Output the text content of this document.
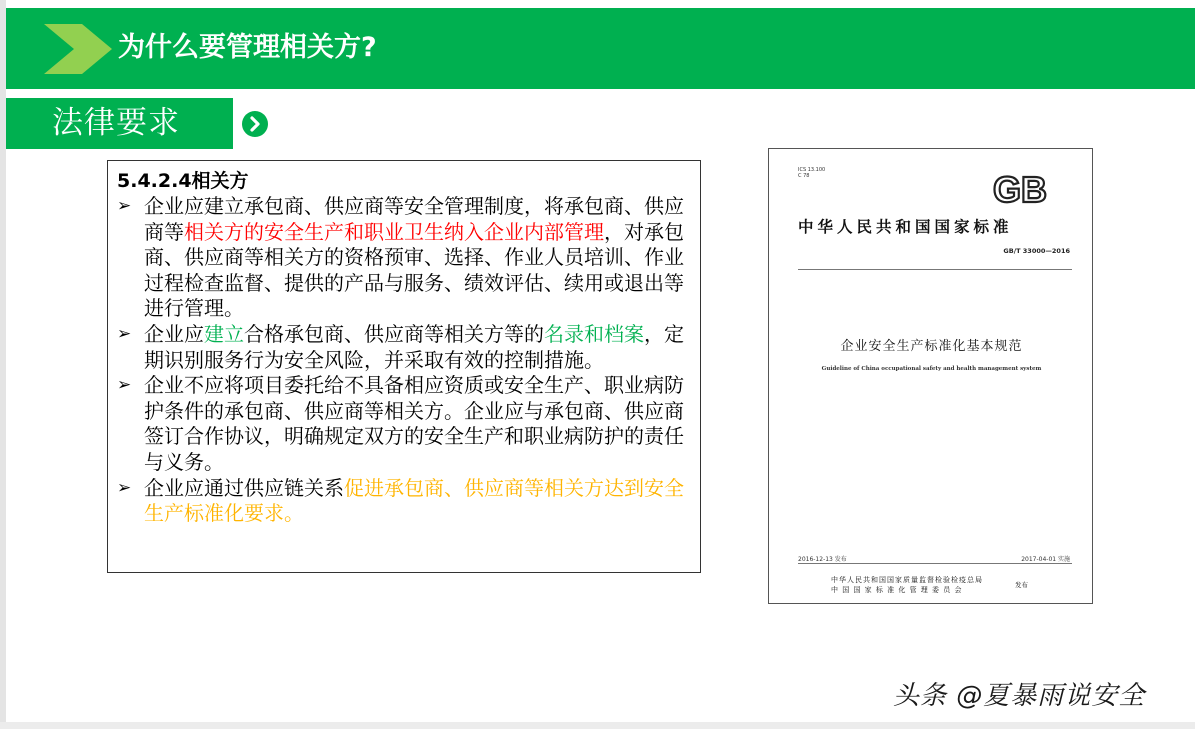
为什么要管理相关方?
法律要求
5.4.2.4相关方
➢ 企业应建立承包商、供应商等安全管理制度，将承包商、供应商等相关方的安全生产和职业卫生纳入企业内部管理，对承包商、供应商等相关方的资格预审、选择、作业人员培训、作业过程检查监督、提供的产品与服务、绩效评估、续用或退出等进行管理。
➢ 企业应建立合格承包商、供应商等相关方等的名录和档案，定期识别服务行为安全风险，并采取有效的控制措施。
➢ 企业不应将项目委托给不具备相应资质或安全生产、职业病防护条件的承包商、供应商等相关方。企业应与承包商、供应商签订合作协议，明确规定双方的安全生产和职业病防护的责任与义务。
➢ 企业应通过供应链关系促进承包商、供应商等相关方达到安全生产标准化要求。
ICS 13.100
C 78	GB
中华人民共和国国家标准
GB/T 33000—2016
企业安全生产标准化基本规范
Guideline of China occupational safety and health management system
2016-12-13 发布	2017-04-01 实施
中华人民共和国国家质量监督检验检疫总局
中 国 国 家 标 准 化 管 理 委 员 会
发布
头条 @夏暴雨说安全
